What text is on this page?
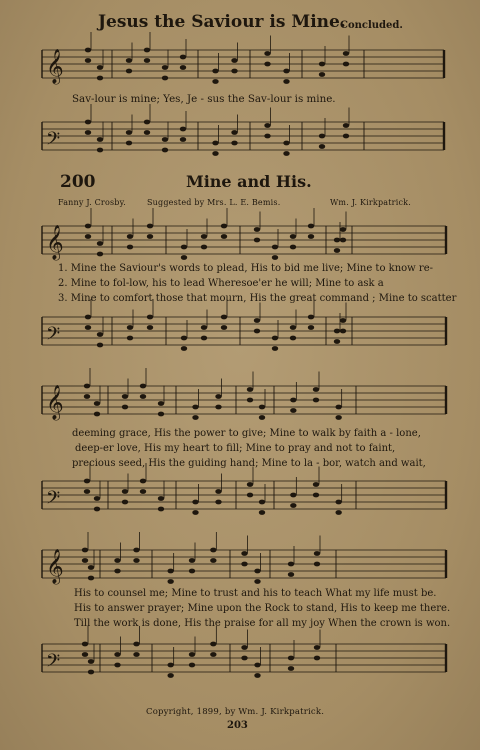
Jesus the Saviour is Mine.
Concluded.
𝄞
Sav-lour is mine; Yes, Je - sus the Sav-lour is mine.
𝄢
200	Mine and His.
Fanny J. Crosby.	Suggested by Mrs. L. E. Bemis.	Wm. J. Kirkpatrick.
𝄞
1. Mine the Saviour's words to plead, His to bid me live; Mine to know re-
2. Mine to fol-low, his to lead Wheresoe'er he will; Mine to ask a
3. Mine to comfort those that mourn, His the great command ; Mine to scatter
𝄢
𝄞
deeming grace, His the power to give; Mine to walk by faith a - lone,
deep-er love, His my heart to fill; Mine to pray and not to faint,
precious seed, His the guiding hand; Mine to la - bor, watch and wait,
𝄢
𝄞
His to counsel me; Mine to trust and his to teach What my life must be.
His to answer prayer; Mine upon the Rock to stand, His to keep me there.
Till the work is done, His the praise for all my joy When the crown is won.
𝄢
Copyright, 1899, by Wm. J. Kirkpatrick.
203
